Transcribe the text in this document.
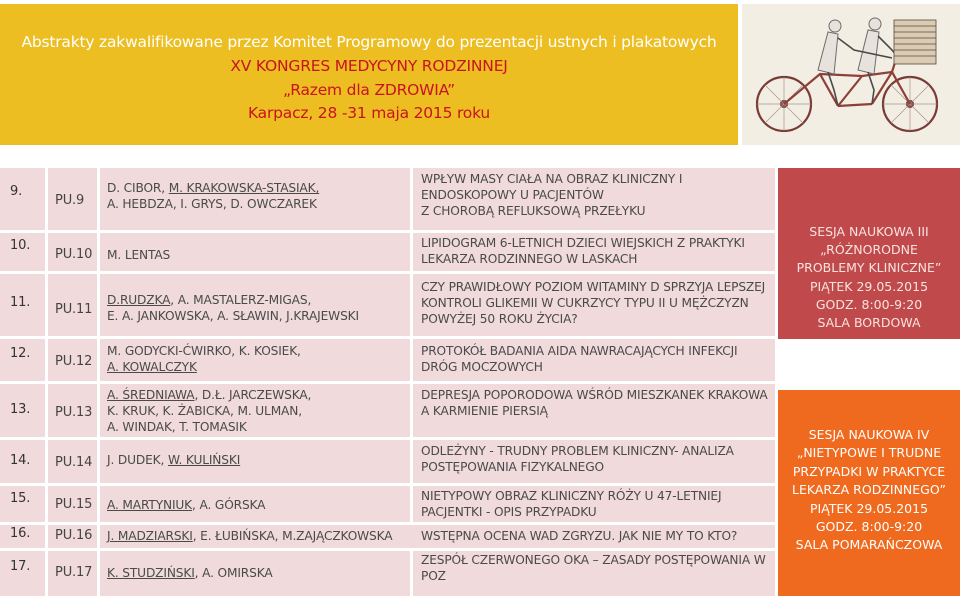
Abstrakty zakwalifikowane przez Komitet Programowy do prezentacji ustnych i plakatowych
XV KONGRES MEDYCYNY RODZINNEJ
„Razem dla ZDROWIA”
Karpacz, 28 -31 maja 2015 roku
9.
PU.9
D. CIBOR, M. KRAKOWSKA-STASIAK,
A. HEBDZA, I. GRYS, D. OWCZAREK
WPŁYW MASY CIAŁA NA OBRAZ KLINICZNY I
ENDOSKOPOWY U PACJENTÓW
Z CHOROBĄ REFLUKSOWĄ PRZEŁYKU
10.
PU.10 M. LENTAS
LIPIDOGRAM 6-LETNICH DZIECI WIEJSKICH Z PRAKTYKI
LEKARZA RODZINNEGO W LASKACH
11. PU.11
D.RUDZKA, A. MASTALERZ-MIGAS,
E. A. JANKOWSKA, A. SŁAWIN, J.KRAJEWSKI
CZY PRAWIDŁOWY POZIOM WITAMINY D SPRZYJA LEPSZEJ
KONTROLI GLIKEMII W CUKRZYCY TYPU II U MĘŻCZYZN
POWYŻEJ 50 ROKU ŻYCIA?
12.
PU.12
M. GODYCKI-ĆWIRKO, K. KOSIEK,
A. KOWALCZYK
PROTOKÓŁ BADANIA AIDA NAWRACAJĄCYCH INFEKCJI
DRÓG MOCZOWYCH
13. PU.13
A. ŚREDNIAWA, D.Ł. JARCZEWSKA,
K. KRUK, K. ŻABICKA, M. ULMAN,
A. WINDAK, T. TOMASIK
DEPRESJA POPORODOWA WŚRÓD MIESZKANEK KRAKOWA
A KARMIENIE PIERSIĄ
14. PU.14 J. DUDEK, W. KULIŃSKI
ODLEŻYNY - TRUDNY PROBLEM KLINICZNY- ANALIZA
POSTĘPOWANIA FIZYKALNEGO
15. PU.15 A. MARTYNIUK, A. GÓRSKA
NIETYPOWY OBRAZ KLINICZNY RÓŻY U 47-LETNIEJ
PACJENTKI - OPIS PRZYPADKU
16. PU.16 J. MADZIARSKI, E. ŁUBIŃSKA, M.ZAJĄCZKOWSKA WSTĘPNA OCENA WAD ZGRYZU. JAK NIE MY TO KTO?
17. PU.17 K. STUDZIŃSKI, A. OMIRSKA
ZESPÓŁ CZERWONEGO OKA – ZASADY POSTĘPOWANIA W
POZ
SESJA NAUKOWA III
„RÓŻNORODNE
PROBLEMY KLINICZNE”
PIĄTEK 29.05.2015
GODZ. 8:00-9:20
SALA BORDOWA
SESJA NAUKOWA IV
„NIETYPOWE I TRUDNE
PRZYPADKI W PRAKTYCE
LEKARZA RODZINNEGO”
PIĄTEK 29.05.2015
GODZ. 8:00-9:20
SALA POMARAŃCZOWA
